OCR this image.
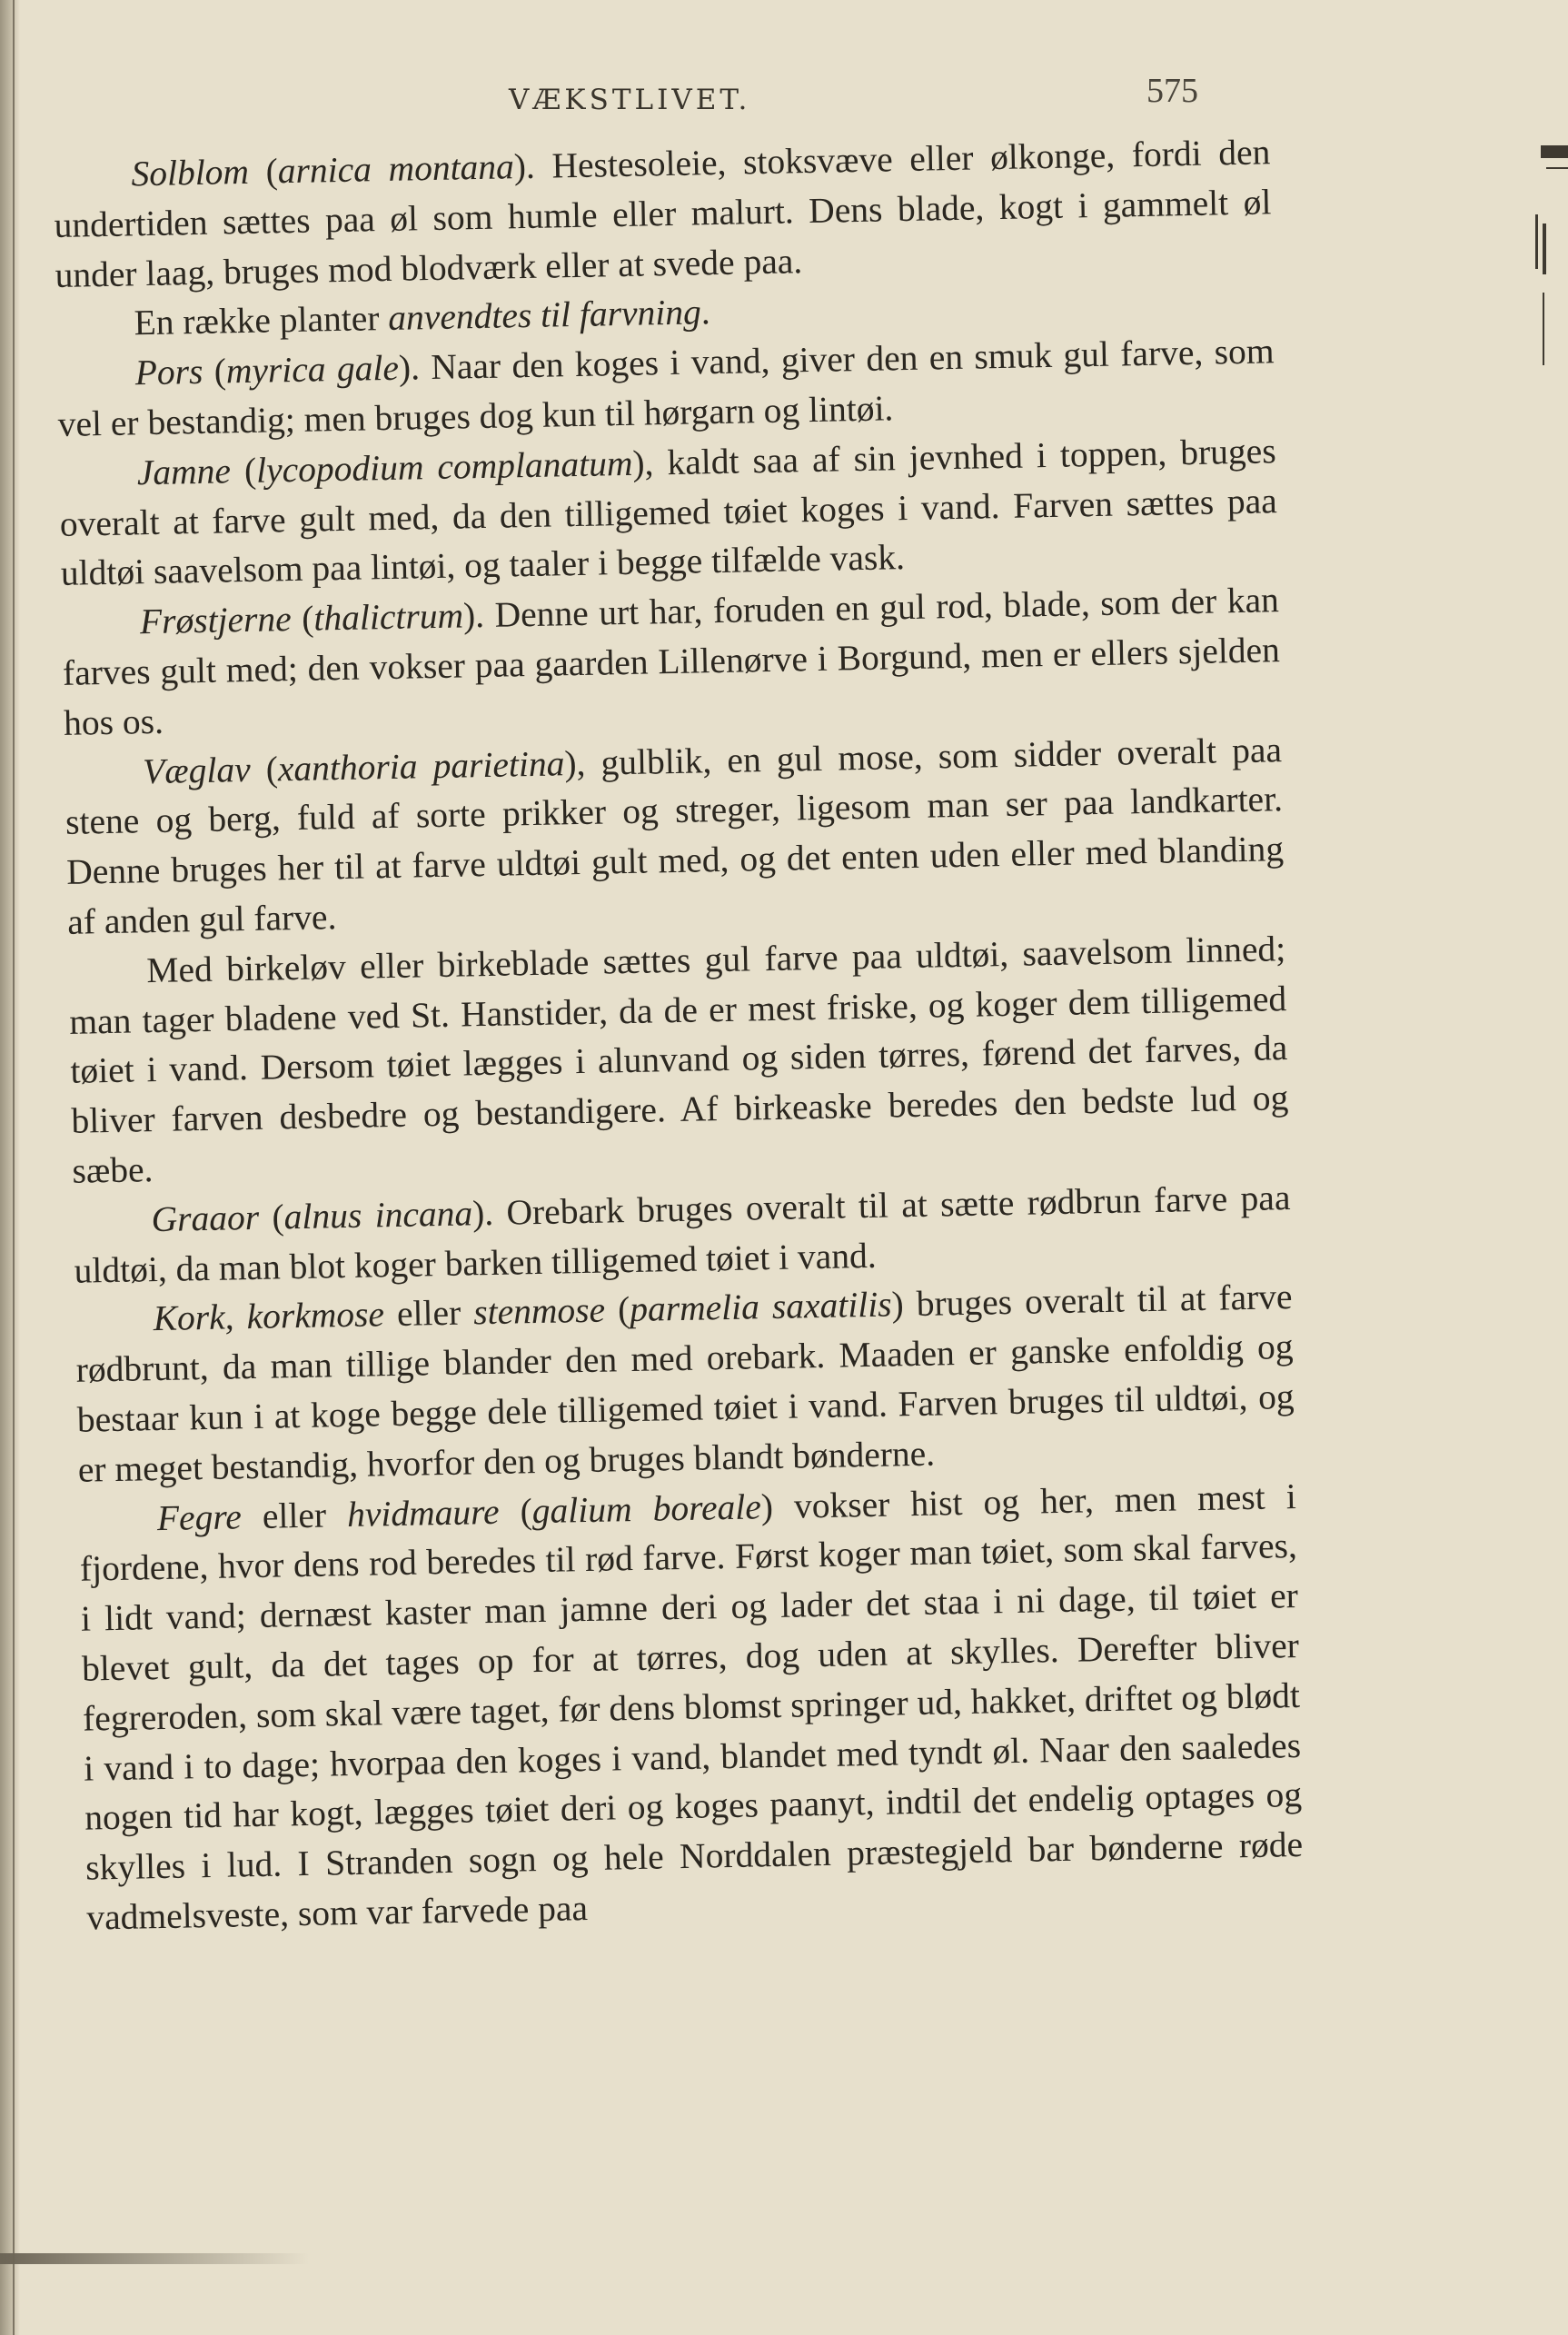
VÆKSTLIVET.	575

Solblom (arnica montana). Hestesoleie, stoksvæve eller ølkonge, fordi den undertiden sættes paa øl som humle eller malurt. Dens blade, kogt i gammelt øl under laag, bruges mod blodværk eller at svede paa.

En række planter anvendtes til farvning.

Pors (myrica gale). Naar den koges i vand, giver den en smuk gul farve, som vel er bestandig; men bruges dog kun til hørgarn og lintøi.

Jamne (lycopodium complanatum), kaldt saa af sin jevnhed i toppen, bruges overalt at farve gult med, da den tilligemed tøiet koges i vand. Farven sættes paa uldtøi saavelsom paa lintøi, og taaler i begge tilfælde vask.

Frøstjerne (thalictrum). Denne urt har, foruden en gul rod, blade, som der kan farves gult med; den vokser paa gaarden Lillenørve i Borgund, men er ellers sjelden hos os.

Væglav (xanthoria parietina), gulblik, en gul mose, som sidder overalt paa stene og berg, fuld af sorte prikker og streger, ligesom man ser paa landkarter. Denne bruges her til at farve uldtøi gult med, og det enten uden eller med blanding af anden gul farve.

Med birkeløv eller birkeblade sættes gul farve paa uldtøi, saavelsom linned; man tager bladene ved St. Hanstider, da de er mest friske, og koger dem tilligemed tøiet i vand. Dersom tøiet lægges i alunvand og siden tørres, førend det farves, da bliver farven desbedre og bestandigere. Af birkeaske beredes den bedste lud og sæbe.

Graaor (alnus incana). Orebark bruges overalt til at sætte rødbrun farve paa uldtøi, da man blot koger barken tilligemed tøiet i vand.

Kork, korkmose eller stenmose (parmelia saxatilis) bruges overalt til at farve rødbrunt, da man tillige blander den med orebark. Maaden er ganske enfoldig og bestaar kun i at koge begge dele tilligemed tøiet i vand. Farven bruges til uldtøi, og er meget bestandig, hvorfor den og bruges blandt bønderne.

Fegre eller hvidmaure (galium boreale) vokser hist og her, men mest i fjordene, hvor dens rod beredes til rød farve. Først koger man tøiet, som skal farves, i lidt vand; dernæst kaster man jamne deri og lader det staa i ni dage, til tøiet er blevet gult, da det tages op for at tørres, dog uden at skylles. Derefter bliver fegreroden, som skal være taget, før dens blomst springer ud, hakket, driftet og blødt i vand i to dage; hvorpaa den koges i vand, blandet med tyndt øl. Naar den saaledes nogen tid har kogt, lægges tøiet deri og koges paanyt, indtil det endelig optages og skylles i lud. I Stranden sogn og hele Norddalen præstegjeld bar bønderne røde vadmelsveste, som var farvede paa
